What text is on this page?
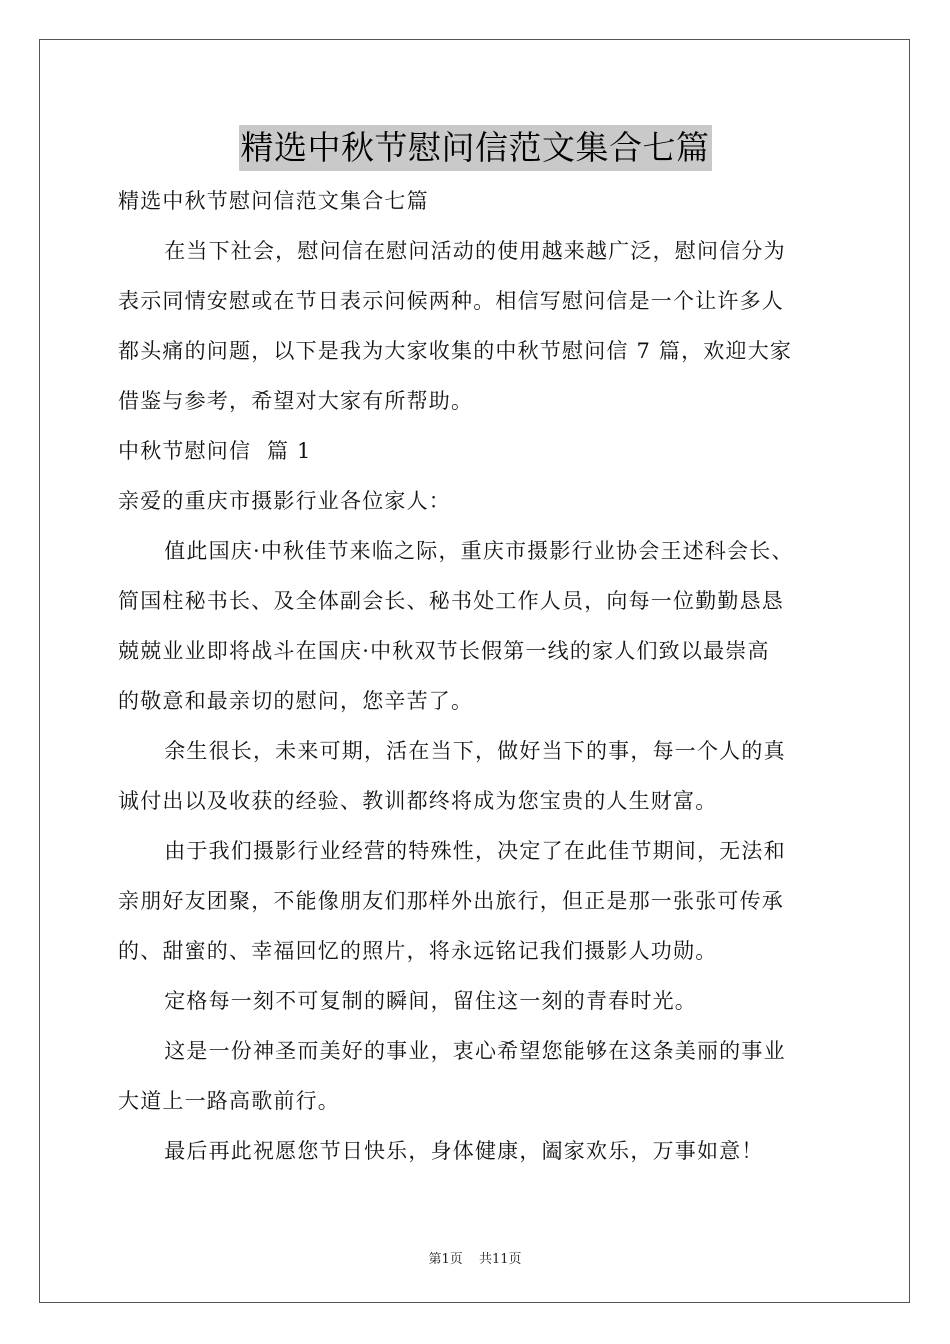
精选中秋节慰问信范文集合七篇

精选中秋节慰问信范文集合七篇

在当下社会，慰问信在慰问活动的使用越来越广泛，慰问信分为

表示同情安慰或在节日表示问候两种。相信写慰问信是一个让许多人

都头痛的问题，以下是我为大家收集的中秋节慰问信 7 篇，欢迎大家

借鉴与参考，希望对大家有所帮助。

中秋节慰问信  篇 1

亲爱的重庆市摄影行业各位家人：

值此国庆·中秋佳节来临之际，重庆市摄影行业协会王述科会长、

简国柱秘书长、及全体副会长、秘书处工作人员，向每一位勤勤恳恳

兢兢业业即将战斗在国庆·中秋双节长假第一线的家人们致以最崇高

的敬意和最亲切的慰问，您辛苦了。

余生很长，未来可期，活在当下，做好当下的事，每一个人的真

诚付出以及收获的经验、教训都终将成为您宝贵的人生财富。

由于我们摄影行业经营的特殊性，决定了在此佳节期间，无法和

亲朋好友团聚，不能像朋友们那样外出旅行，但正是那一张张可传承

的、甜蜜的、幸福回忆的照片，将永远铭记我们摄影人功勋。

定格每一刻不可复制的瞬间，留住这一刻的青春时光。

这是一份神圣而美好的事业，衷心希望您能够在这条美丽的事业

大道上一路高歌前行。

最后再此祝愿您节日快乐，身体健康，阖家欢乐，万事如意！

第1页 共11页
